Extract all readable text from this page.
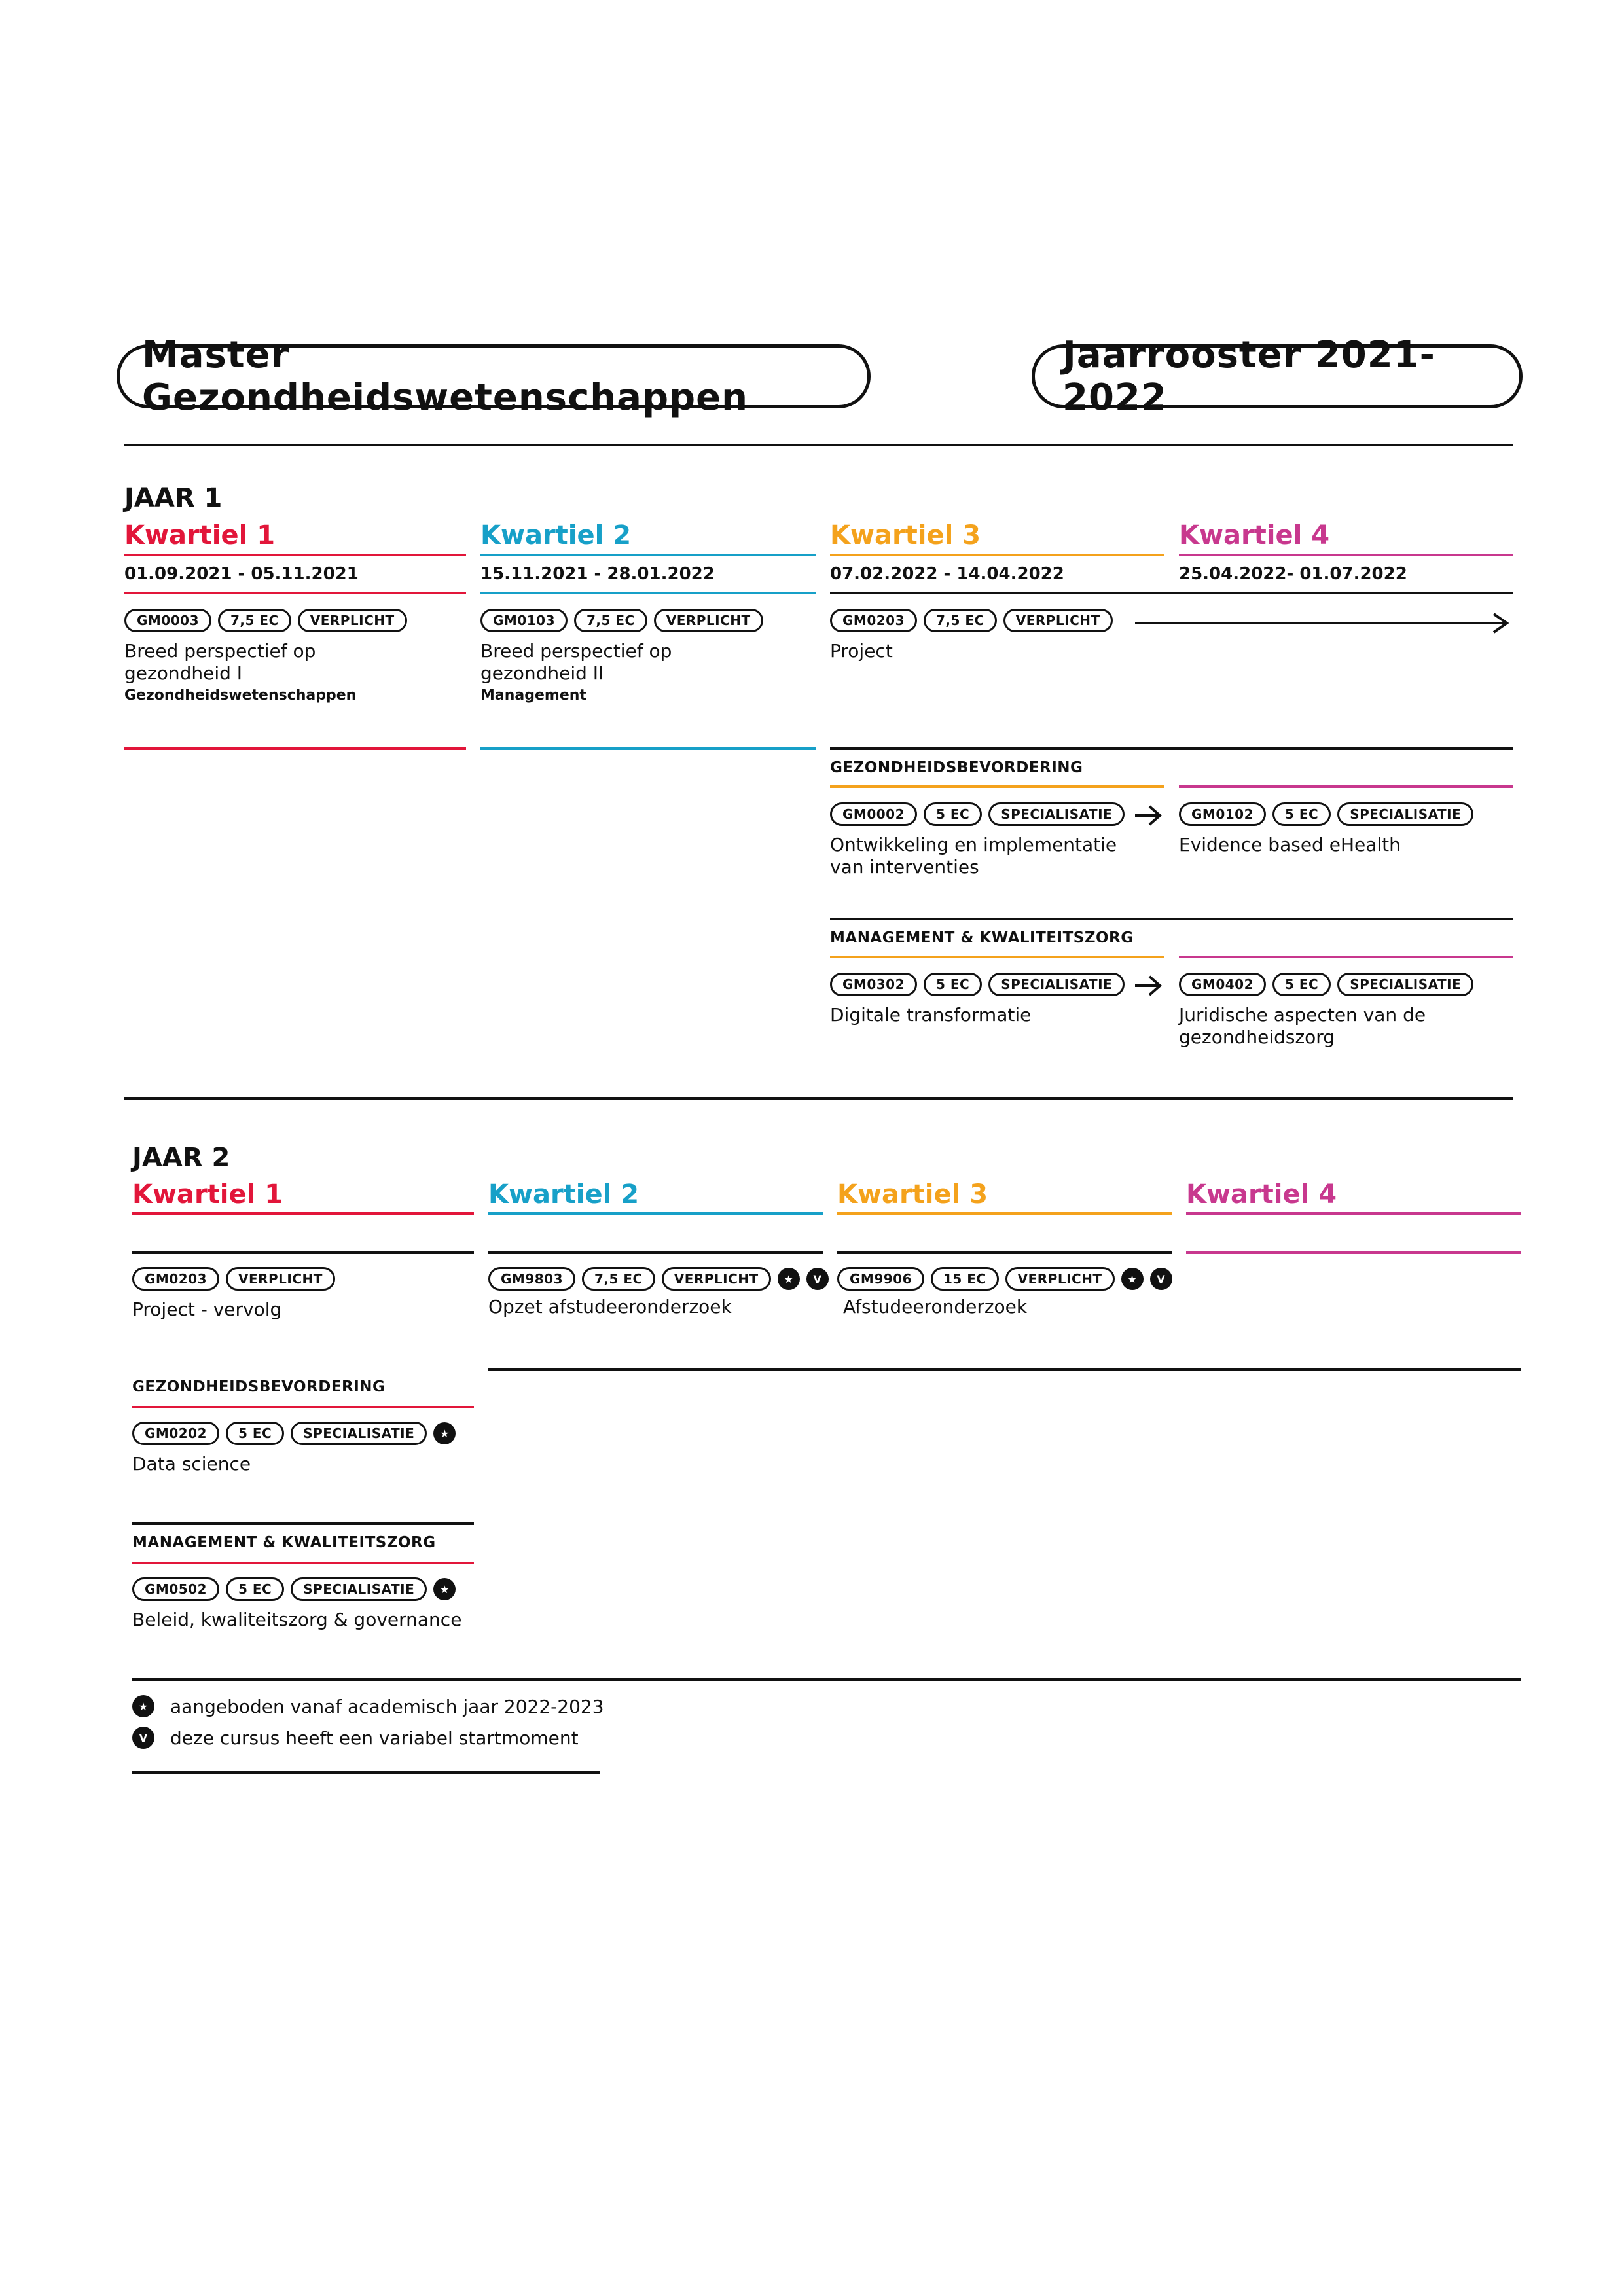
Master Gezondheidswetenschappen
Jaarrooster 2021-2022
JAAR 1
Kwartiel 1	Kwartiel 2	Kwartiel 3	Kwartiel 4
01.09.2021 - 05.11.2021	15.11.2021 - 28.01.2022	07.02.2022 - 14.04.2022	25.04.2022- 01.07.2022
GM0003	7,5 EC	VERPLICHT
Breed perspectief op
gezondheid I
Gezondheidswetenschappen
GM0103	7,5 EC	VERPLICHT
Breed perspectief op
gezondheid II
Management
GM0203	7,5 EC	VERPLICHT
Project
GEZONDHEIDSBEVORDERING
GM0002	5 EC	SPECIALISATIE
Ontwikkeling en implementatie
van interventies
GM0102	5 EC	SPECIALISATIE
Evidence based eHealth
MANAGEMENT & KWALITEITSZORG
GM0302	5 EC	SPECIALISATIE
Digitale transformatie
GM0402	5 EC	SPECIALISATIE
Juridische aspecten van de
gezondheidszorg
JAAR 2
Kwartiel 1	Kwartiel 2	Kwartiel 3	Kwartiel 4
GM0203	VERPLICHT
Project - vervolg
GM9803	7,5 EC	VERPLICHT	★	V
Opzet afstudeeronderzoek
GM9906	15 EC	VERPLICHT	★	V
Afstudeeronderzoek
GEZONDHEIDSBEVORDERING
GM0202	5 EC	SPECIALISATIE	★
Data science
MANAGEMENT & KWALITEITSZORG
GM0502	5 EC	SPECIALISATIE	★
Beleid, kwaliteitszorg & governance
★	aangeboden vanaf academisch jaar 2022-2023
V	deze cursus heeft een variabel startmoment
